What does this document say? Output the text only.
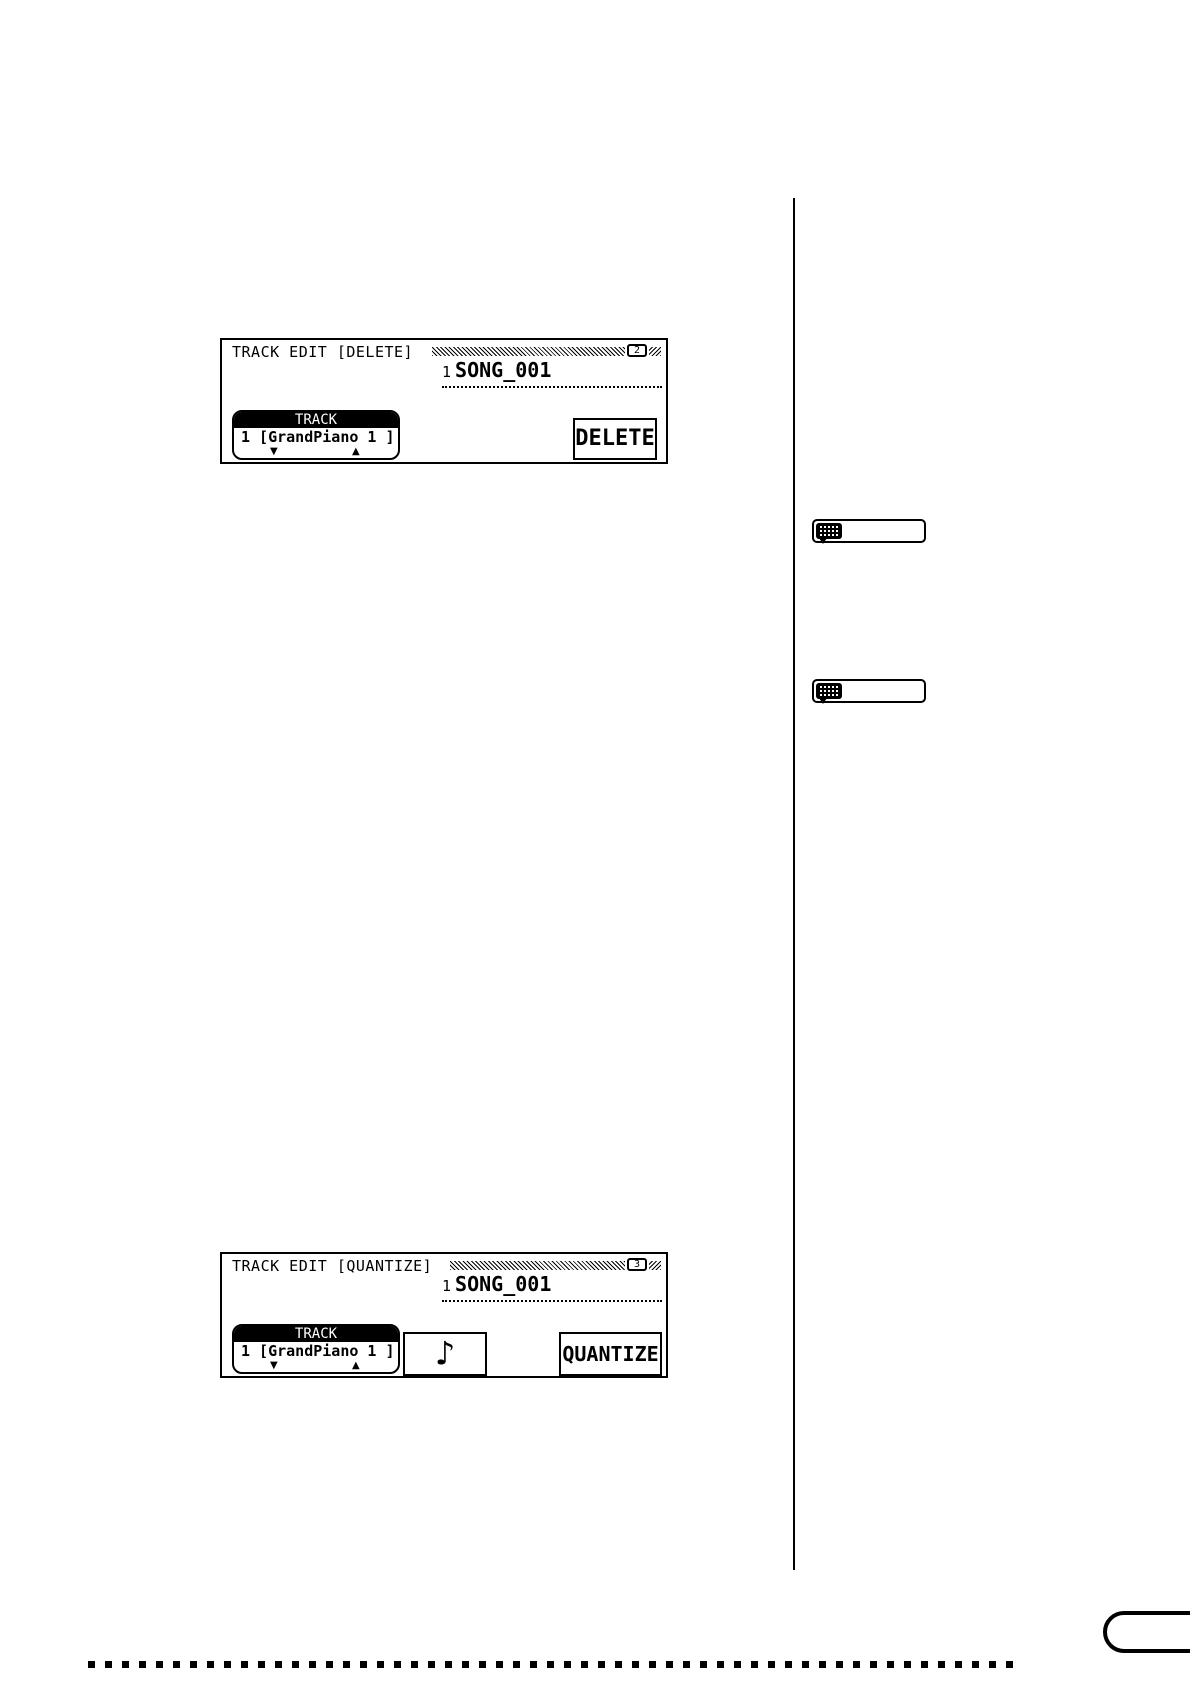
TRACK EDIT [DELETE]	2
1 SONG_001
TRACK
1 [GrandPiano 1 ]
▼	▲
DELETE
TRACK EDIT [QUANTIZE]	3
1 SONG_001
TRACK
1 [GrandPiano 1 ]
▼	▲	♪	QUANTIZE
